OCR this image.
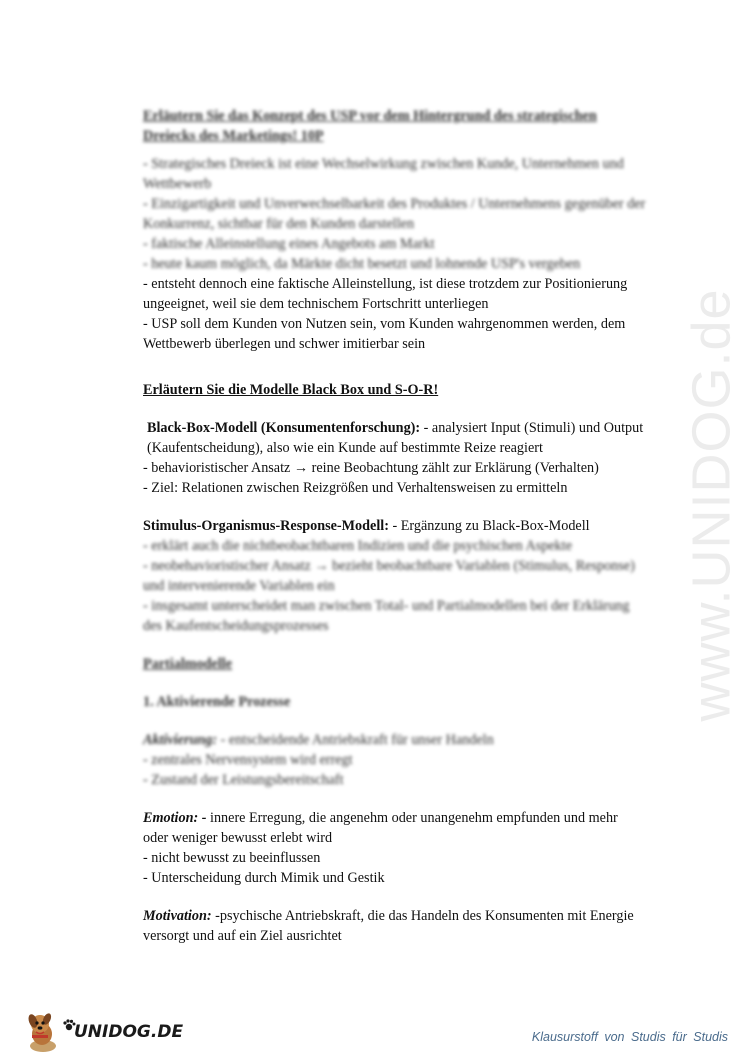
www.UNIDOG.de
Erläutern Sie das Konzept des USP vor dem Hintergrund des strategischen
Dreiecks des Marketings! 10P
- Strategisches Dreieck ist eine Wechselwirkung zwischen Kunde, Unternehmen und
Wettbewerb
- Einzigartigkeit und Unverwechselbarkeit des Produktes / Unternehmens gegenüber der
Konkurrenz, sichtbar für den Kunden darstellen
- faktische Alleinstellung eines Angebots am Markt
- heute kaum möglich, da Märkte dicht besetzt und lohnende USP's vergeben
- entsteht dennoch eine faktische Alleinstellung, ist diese trotzdem zur Positionierung
ungeeignet, weil sie dem technischem Fortschritt unterliegen
- USP soll dem Kunden von Nutzen sein, vom Kunden wahrgenommen werden, dem
Wettbewerb überlegen und schwer imitierbar sein
Erläutern Sie die Modelle Black Box und S-O-R!
Black-Box-Modell (Konsumentenforschung): - analysiert Input (Stimuli) und Output
(Kaufentscheidung), also wie ein Kunde auf bestimmte Reize reagiert
- behavioristischer Ansatz → reine Beobachtung zählt zur Erklärung (Verhalten)
- Ziel: Relationen zwischen Reizgrößen und Verhaltensweisen zu ermitteln
Stimulus-Organismus-Response-Modell: - Ergänzung zu Black-Box-Modell
- erklärt auch die nichtbeobachtbaren Indizien und die psychischen Aspekte
- neobehavioristischer Ansatz → bezieht beobachtbare Variablen (Stimulus, Response)
und intervenierende Variablen ein
- insgesamt unterscheidet man zwischen Total- und Partialmodellen bei der Erklärung
des Kaufentscheidungsprozesses
Partialmodelle
1. Aktivierende Prozesse
Aktivierung: - entscheidende Antriebskraft für unser Handeln
- zentrales Nervensystem wird erregt
- Zustand der Leistungsbereitschaft
Emotion: - innere Erregung, die angenehm oder unangenehm empfunden und mehr
oder weniger bewusst erlebt wird
- nicht bewusst zu beeinflussen
- Unterscheidung durch Mimik und Gestik
Motivation: -psychische Antriebskraft, die das Handeln des Konsumenten mit Energie
versorgt und auf ein Ziel ausrichtet
UNIDOG.DE	Klausurstoff von Studis für Studis
